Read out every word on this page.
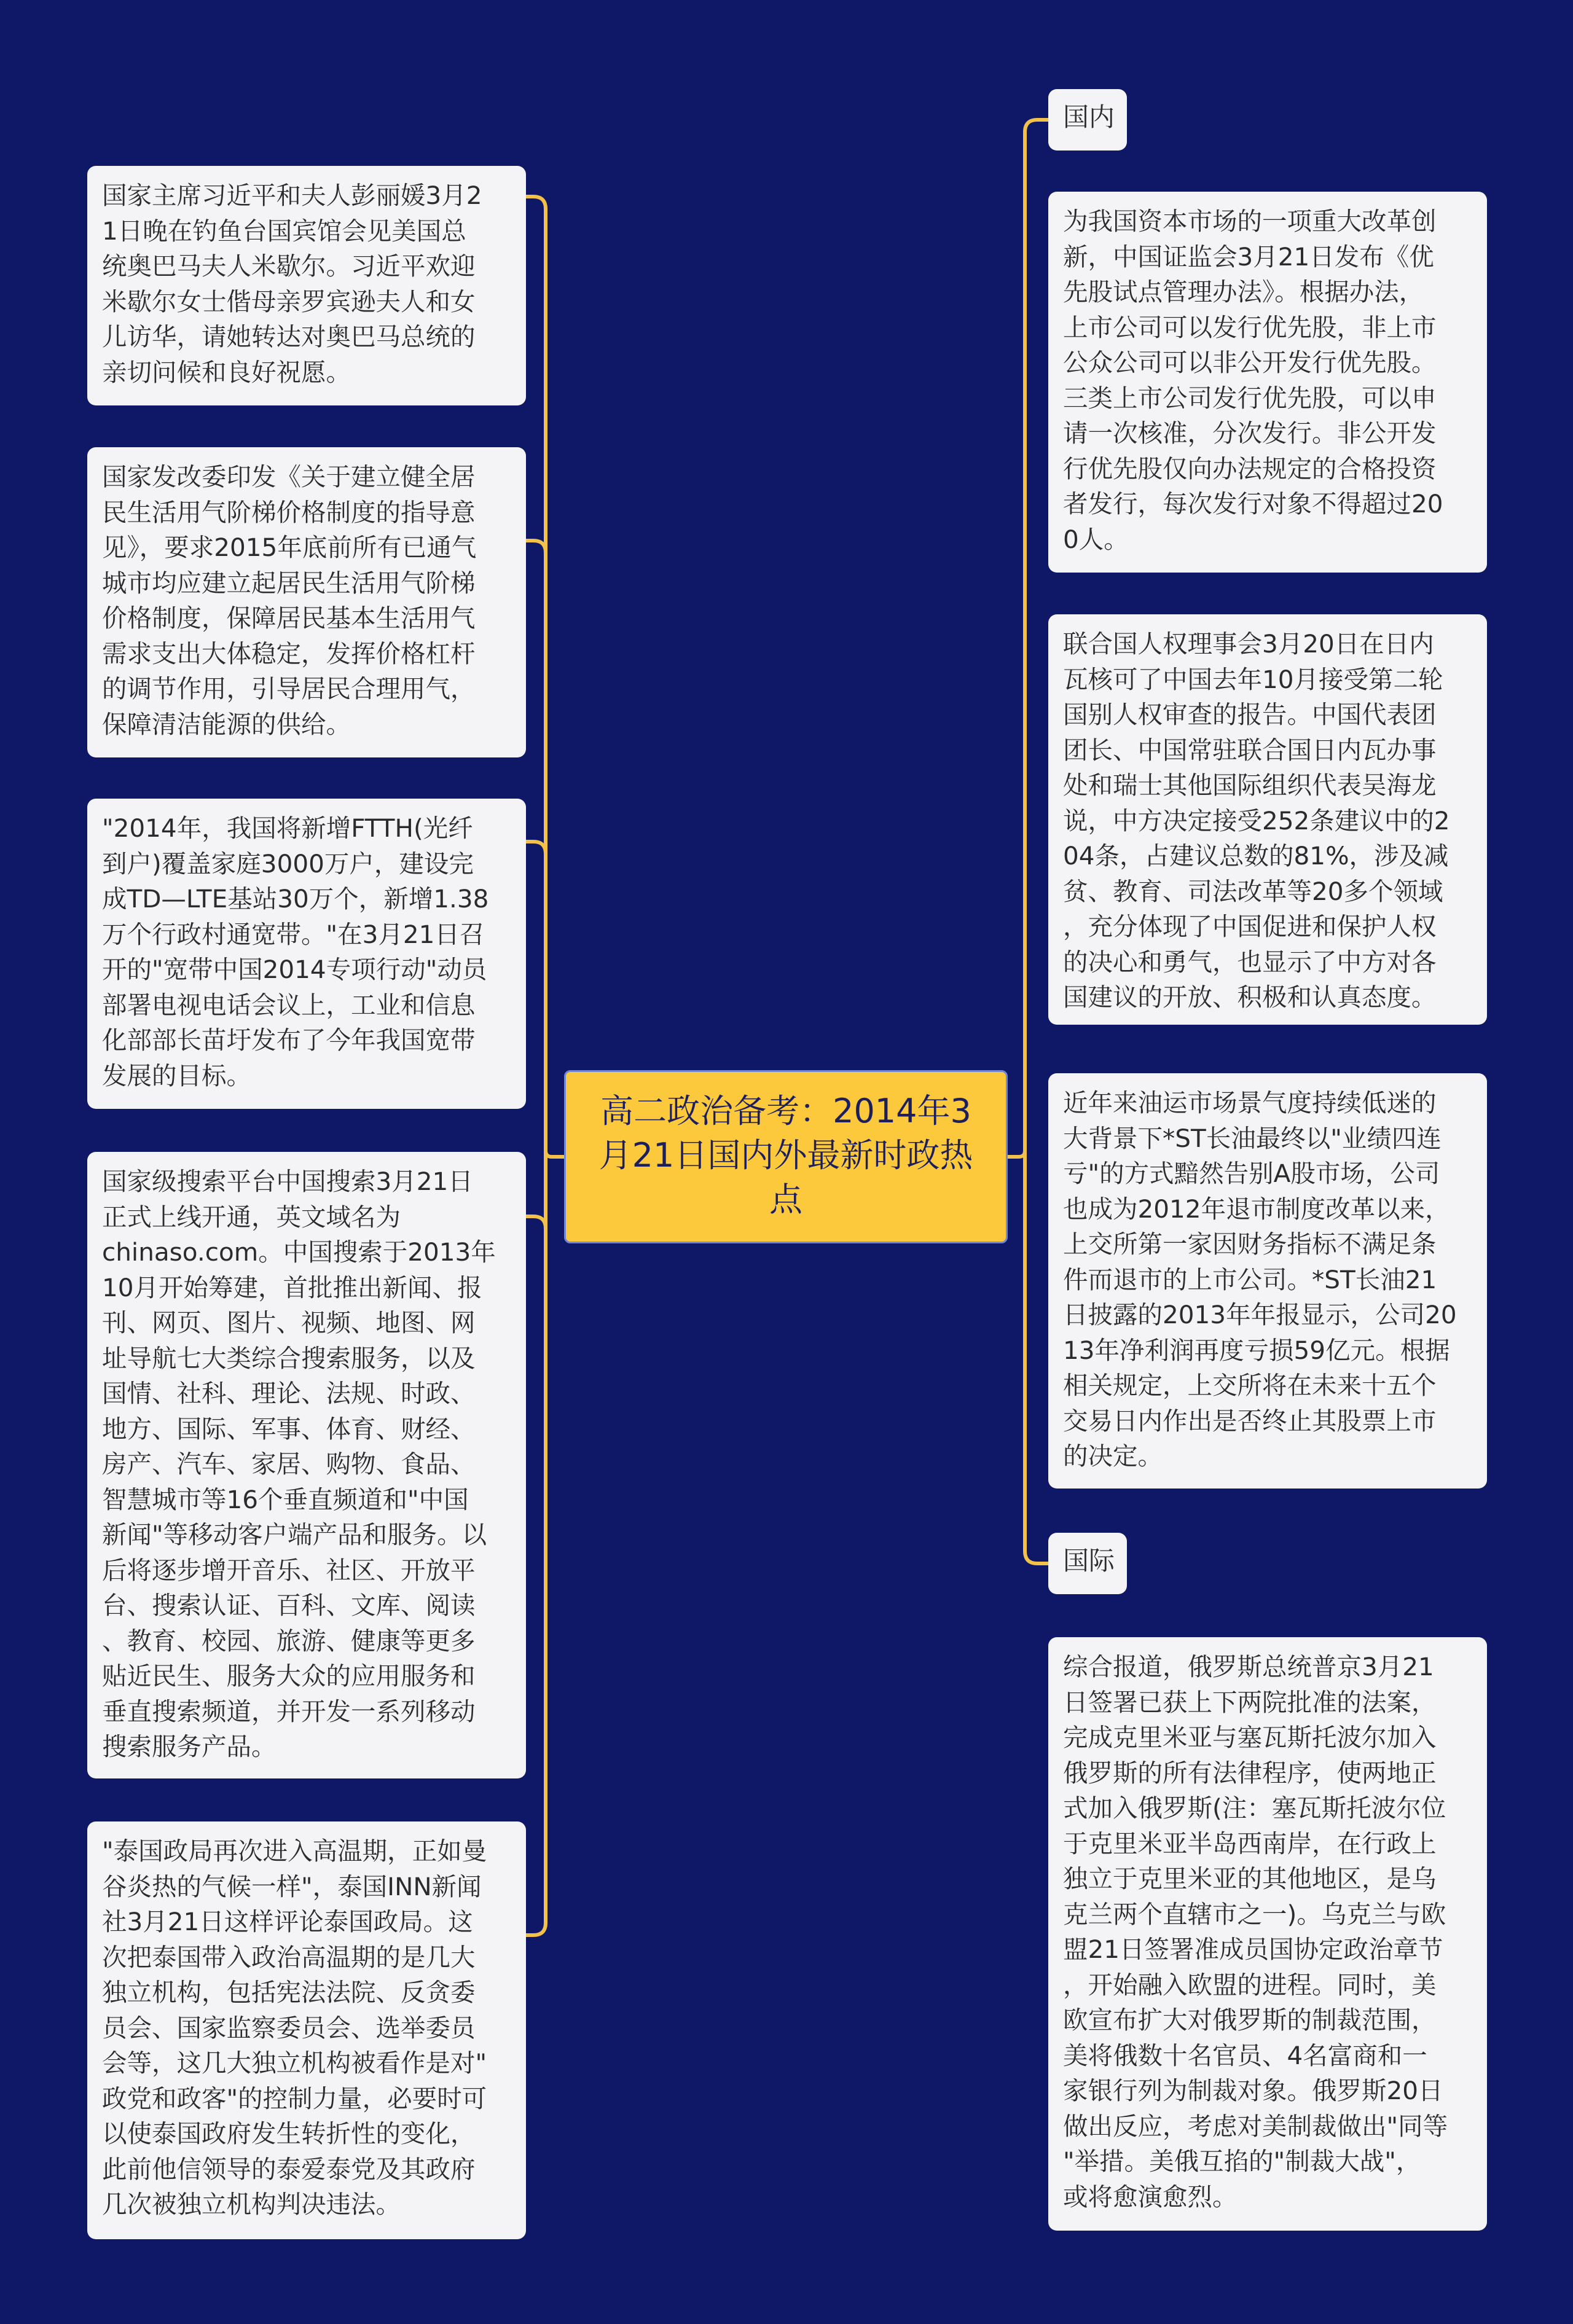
高二政治备考：2014年3
月21日国内外最新时政热
点
国家主席习近平和夫人彭丽媛3月2
1日晚在钓鱼台国宾馆会见美国总
统奥巴马夫人米歇尔。习近平欢迎
米歇尔女士偕母亲罗宾逊夫人和女
儿访华，请她转达对奥巴马总统的
亲切问候和良好祝愿。
国家发改委印发《关于建立健全居
民生活用气阶梯价格制度的指导意
见》，要求2015年底前所有已通气
城市均应建立起居民生活用气阶梯
价格制度，保障居民基本生活用气
需求支出大体稳定，发挥价格杠杆
的调节作用，引导居民合理用气，
保障清洁能源的供给。
"2014年，我国将新增FTTH(光纤
到户)覆盖家庭3000万户，建设完
成TD—LTE基站30万个，新增1.38
万个行政村通宽带。"在3月21日召
开的"宽带中国2014专项行动"动员
部署电视电话会议上，工业和信息
化部部长苗圩发布了今年我国宽带
发展的目标。
国家级搜索平台中国搜索3月21日
正式上线开通，英文域名为
chinaso.com。中国搜索于2013年
10月开始筹建，首批推出新闻、报
刊、网页、图片、视频、地图、网
址导航七大类综合搜索服务，以及
国情、社科、理论、法规、时政、
地方、国际、军事、体育、财经、
房产、汽车、家居、购物、食品、
智慧城市等16个垂直频道和"中国
新闻"等移动客户端产品和服务。以
后将逐步增开音乐、社区、开放平
台、搜索认证、百科、文库、阅读
、教育、校园、旅游、健康等更多
贴近民生、服务大众的应用服务和
垂直搜索频道，并开发一系列移动
搜索服务产品。
"泰国政局再次进入高温期，正如曼
谷炎热的气候一样"，泰国INN新闻
社3月21日这样评论泰国政局。这
次把泰国带入政治高温期的是几大
独立机构，包括宪法法院、反贪委
员会、国家监察委员会、选举委员
会等，这几大独立机构被看作是对"
政党和政客"的控制力量，必要时可
以使泰国政府发生转折性的变化，
此前他信领导的泰爱泰党及其政府
几次被独立机构判决违法。
国内
为我国资本市场的一项重大改革创
新，中国证监会3月21日发布《优
先股试点管理办法》。根据办法，
上市公司可以发行优先股，非上市
公众公司可以非公开发行优先股。
三类上市公司发行优先股，可以申
请一次核准，分次发行。非公开发
行优先股仅向办法规定的合格投资
者发行，每次发行对象不得超过20
0人。
联合国人权理事会3月20日在日内
瓦核可了中国去年10月接受第二轮
国别人权审查的报告。中国代表团
团长、中国常驻联合国日内瓦办事
处和瑞士其他国际组织代表吴海龙
说，中方决定接受252条建议中的2
04条，占建议总数的81%，涉及减
贫、教育、司法改革等20多个领域
，充分体现了中国促进和保护人权
的决心和勇气，也显示了中方对各
国建议的开放、积极和认真态度。
近年来油运市场景气度持续低迷的
大背景下*ST长油最终以"业绩四连
亏"的方式黯然告别A股市场，公司
也成为2012年退市制度改革以来，
上交所第一家因财务指标不满足条
件而退市的上市公司。*ST长油21
日披露的2013年年报显示，公司20
13年净利润再度亏损59亿元。根据
相关规定，上交所将在未来十五个
交易日内作出是否终止其股票上市
的决定。
国际
综合报道，俄罗斯总统普京3月21
日签署已获上下两院批准的法案，
完成克里米亚与塞瓦斯托波尔加入
俄罗斯的所有法律程序，使两地正
式加入俄罗斯(注：塞瓦斯托波尔位
于克里米亚半岛西南岸，在行政上
独立于克里米亚的其他地区，是乌
克兰两个直辖市之一)。乌克兰与欧
盟21日签署准成员国协定政治章节
，开始融入欧盟的进程。同时，美
欧宣布扩大对俄罗斯的制裁范围，
美将俄数十名官员、4名富商和一
家银行列为制裁对象。俄罗斯20日
做出反应，考虑对美制裁做出"同等
"举措。美俄互掐的"制裁大战"，
或将愈演愈烈。
